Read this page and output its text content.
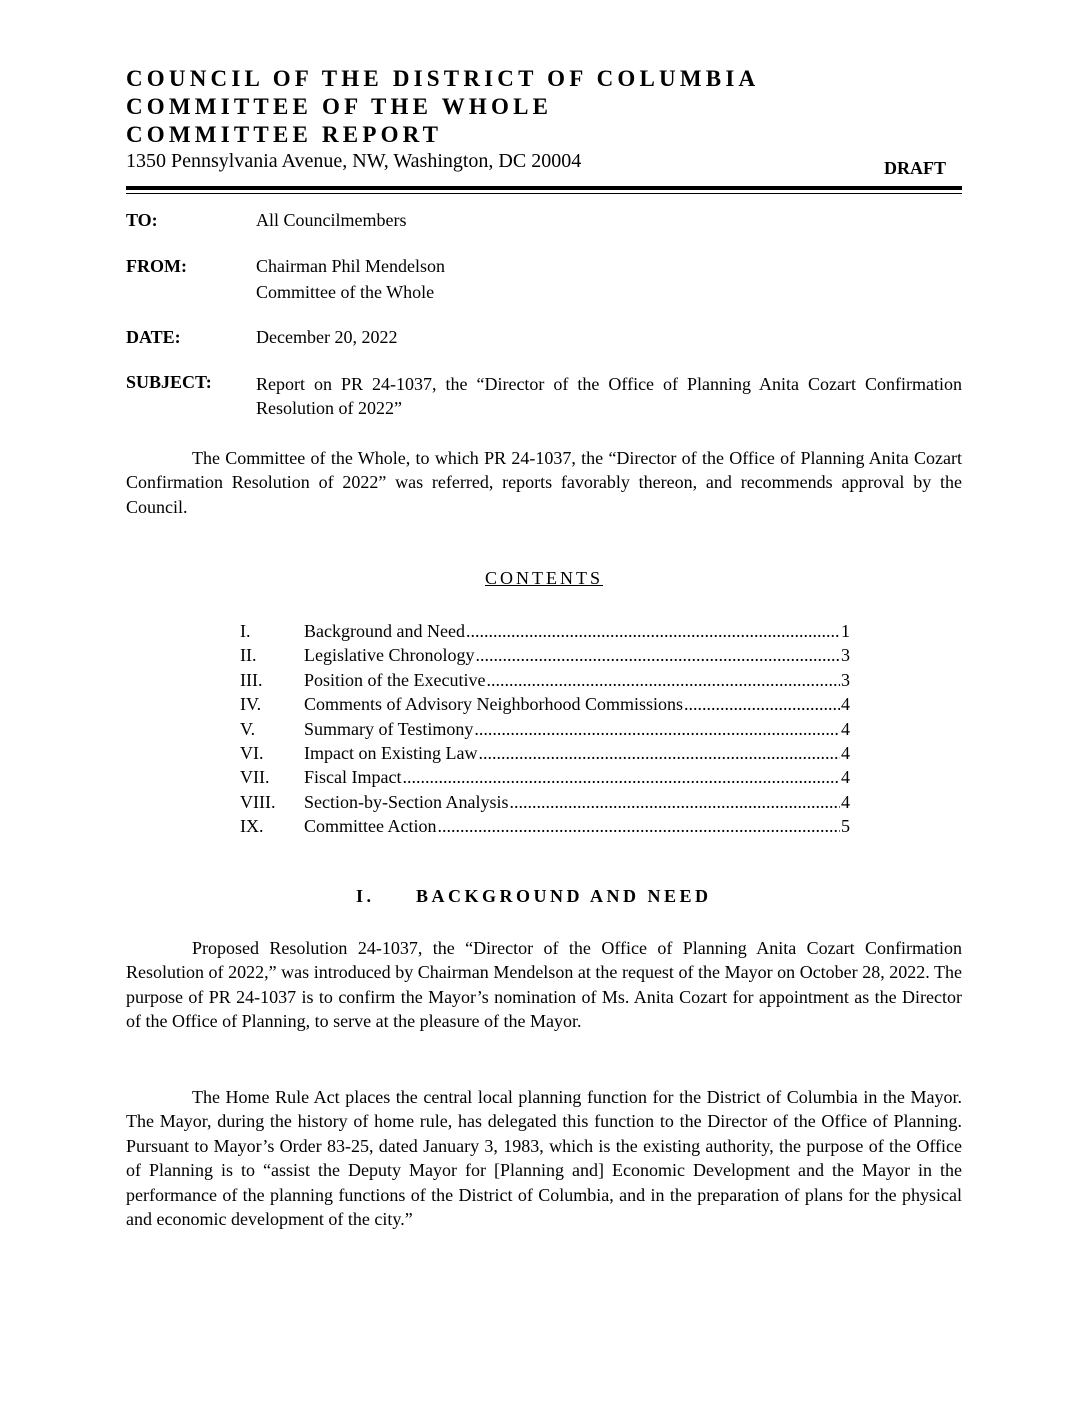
COUNCIL OF THE DISTRICT OF COLUMBIA
COMMITTEE OF THE WHOLE
COMMITTEE REPORT
1350 Pennsylvania Avenue, NW, Washington, DC 20004	DRAFT
TO:	All Councilmembers
FROM:	Chairman Phil Mendelson
Committee of the Whole
DATE:	December 20, 2022
SUBJECT: Report on PR 24-1037, the “Director of the Office of Planning Anita Cozart Confirmation Resolution of 2022”

The Committee of the Whole, to which PR 24-1037, the “Director of the Office of Planning Anita Cozart Confirmation Resolution of 2022” was referred, reports favorably thereon, and recommends approval by the Council.

CONTENTS
I.	Background and Need .....	1
II.	Legislative Chronology .....	3
III.	Position of the Executive .....	3
IV.	Comments of Advisory Neighborhood Commissions .....	4
V.	Summary of Testimony .....	4
VI.	Impact on Existing Law .....	4
VII.	Fiscal Impact .....	4
VIII.	Section-by-Section Analysis .....	4
IX.	Committee Action .....	5
I.	BACKGROUND AND NEED

Proposed Resolution 24-1037, the “Director of the Office of Planning Anita Cozart Confirmation Resolution of 2022,” was introduced by Chairman Mendelson at the request of the Mayor on October 28, 2022. The purpose of PR 24-1037 is to confirm the Mayor’s nomination of Ms. Anita Cozart for appointment as the Director of the Office of Planning, to serve at the pleasure of the Mayor.

The Home Rule Act places the central local planning function for the District of Columbia in the Mayor. The Mayor, during the history of home rule, has delegated this function to the Director of the Office of Planning. Pursuant to Mayor’s Order 83-25, dated January 3, 1983, which is the existing authority, the purpose of the Office of Planning is to “assist the Deputy Mayor for [Planning and] Economic Development and the Mayor in the performance of the planning functions of the District of Columbia, and in the preparation of plans for the physical and economic development of the city.”
